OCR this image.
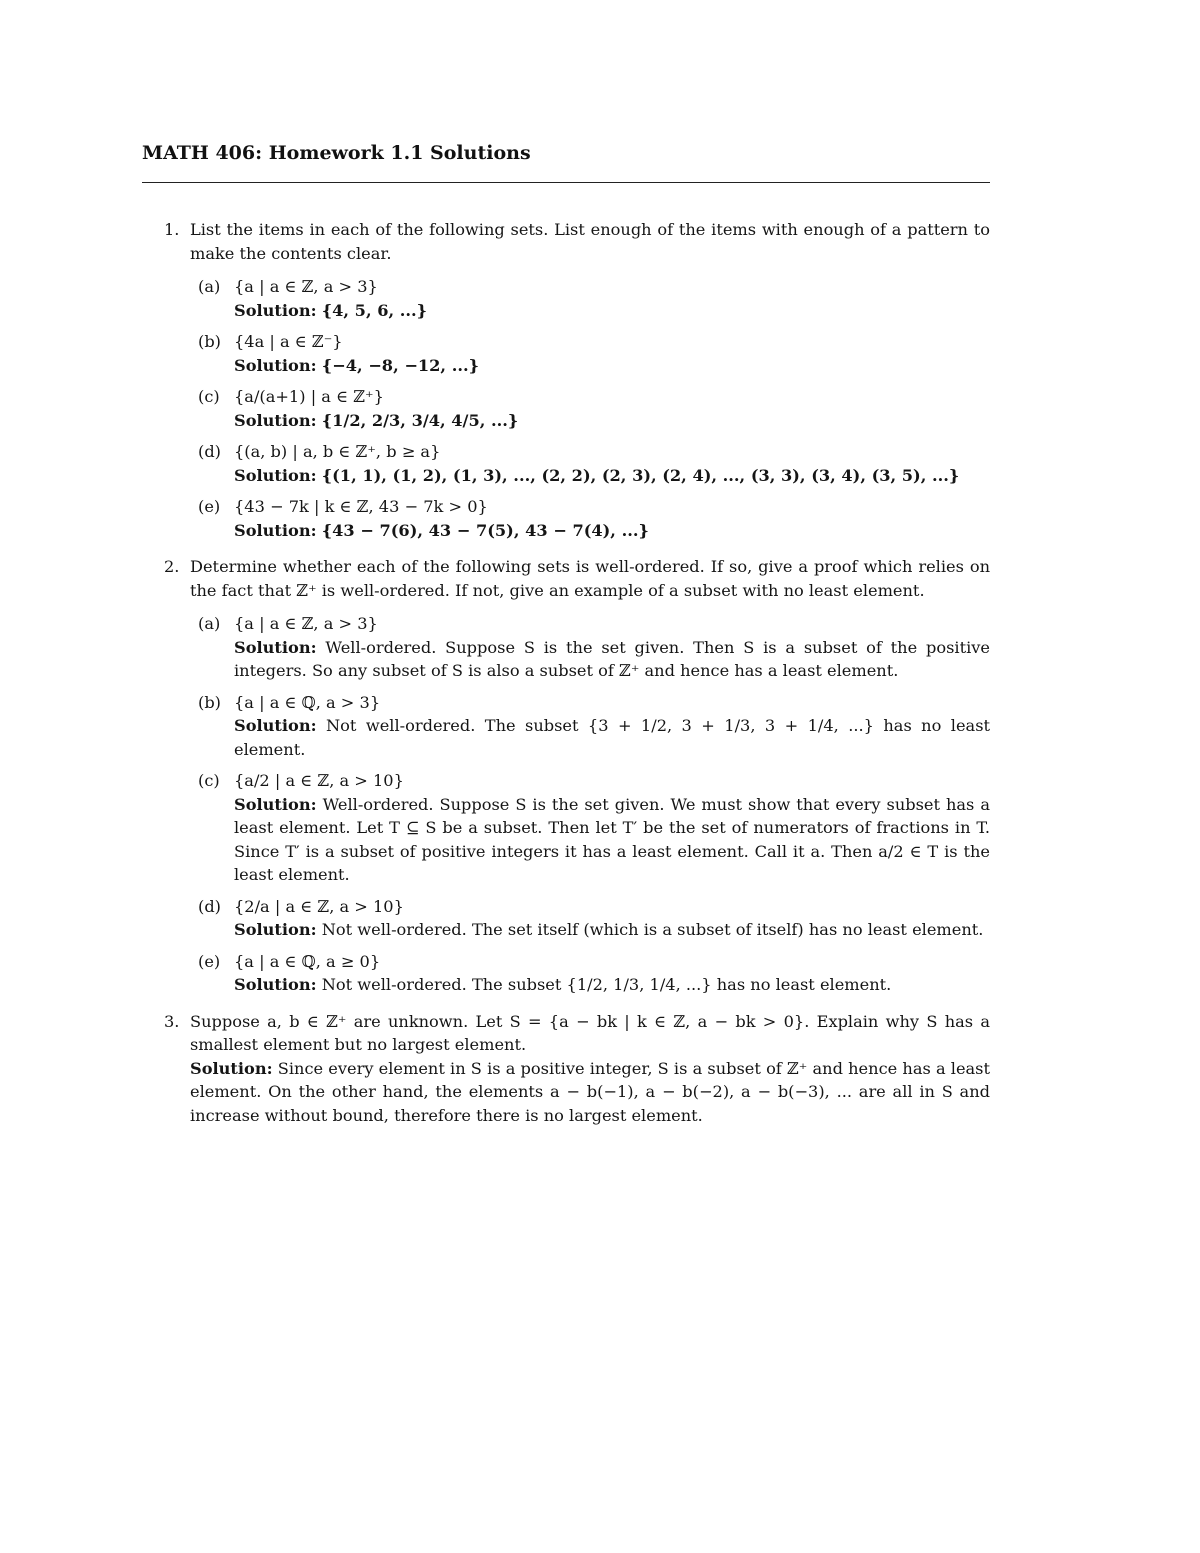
MATH 406: Homework 1.1 Solutions
1. List the items in each of the following sets. List enough of the items with enough of a pattern to make the contents clear.

(a) {a | a ∈ ℤ, a > 3}
Solution: {4, 5, 6, ...}
(b) {4a | a ∈ ℤ⁻}
Solution: {−4, −8, −12, ...}
(c) {a/(a+1) | a ∈ ℤ⁺}
Solution: {1/2, 2/3, 3/4, 4/5, ...}
(d) {(a, b) | a, b ∈ ℤ⁺, b ≥ a}
Solution: {(1, 1), (1, 2), (1, 3), ..., (2, 2), (2, 3), (2, 4), ..., (3, 3), (3, 4), (3, 5), ...}
(e) {43 − 7k | k ∈ ℤ, 43 − 7k > 0}
Solution: {43 − 7(6), 43 − 7(5), 43 − 7(4), ...}
2. Determine whether each of the following sets is well-ordered. If so, give a proof which relies on the fact that ℤ⁺ is well-ordered. If not, give an example of a subset with no least element.

(a) {a | a ∈ ℤ, a > 3}
Solution: Well-ordered. Suppose S is the set given. Then S is a subset of the positive integers. So any subset of S is also a subset of ℤ⁺ and hence has a least element.
(b) {a | a ∈ ℚ, a > 3}
Solution: Not well-ordered. The subset {3 + 1/2, 3 + 1/3, 3 + 1/4, ...} has no least element.
(c) {a/2 | a ∈ ℤ, a > 10}
Solution: Well-ordered. Suppose S is the set given. We must show that every subset has a least element. Let T ⊆ S be a subset. Then let T′ be the set of numerators of fractions in T. Since T′ is a subset of positive integers it has a least element. Call it a. Then a/2 ∈ T is the least element.
(d) {2/a | a ∈ ℤ, a > 10}
Solution: Not well-ordered. The set itself (which is a subset of itself) has no least element.
(e) {a | a ∈ ℚ, a ≥ 0}
Solution: Not well-ordered. The subset {1/2, 1/3, 1/4, ...} has no least element.
3. Suppose a, b ∈ ℤ⁺ are unknown. Let S = {a − bk | k ∈ ℤ, a − bk > 0}. Explain why S has a smallest element but no largest element.

Solution: Since every element in S is a positive integer, S is a subset of ℤ⁺ and hence has a least element. On the other hand, the elements a − b(−1), a − b(−2), a − b(−3), ... are all in S and increase without bound, therefore there is no largest element.
